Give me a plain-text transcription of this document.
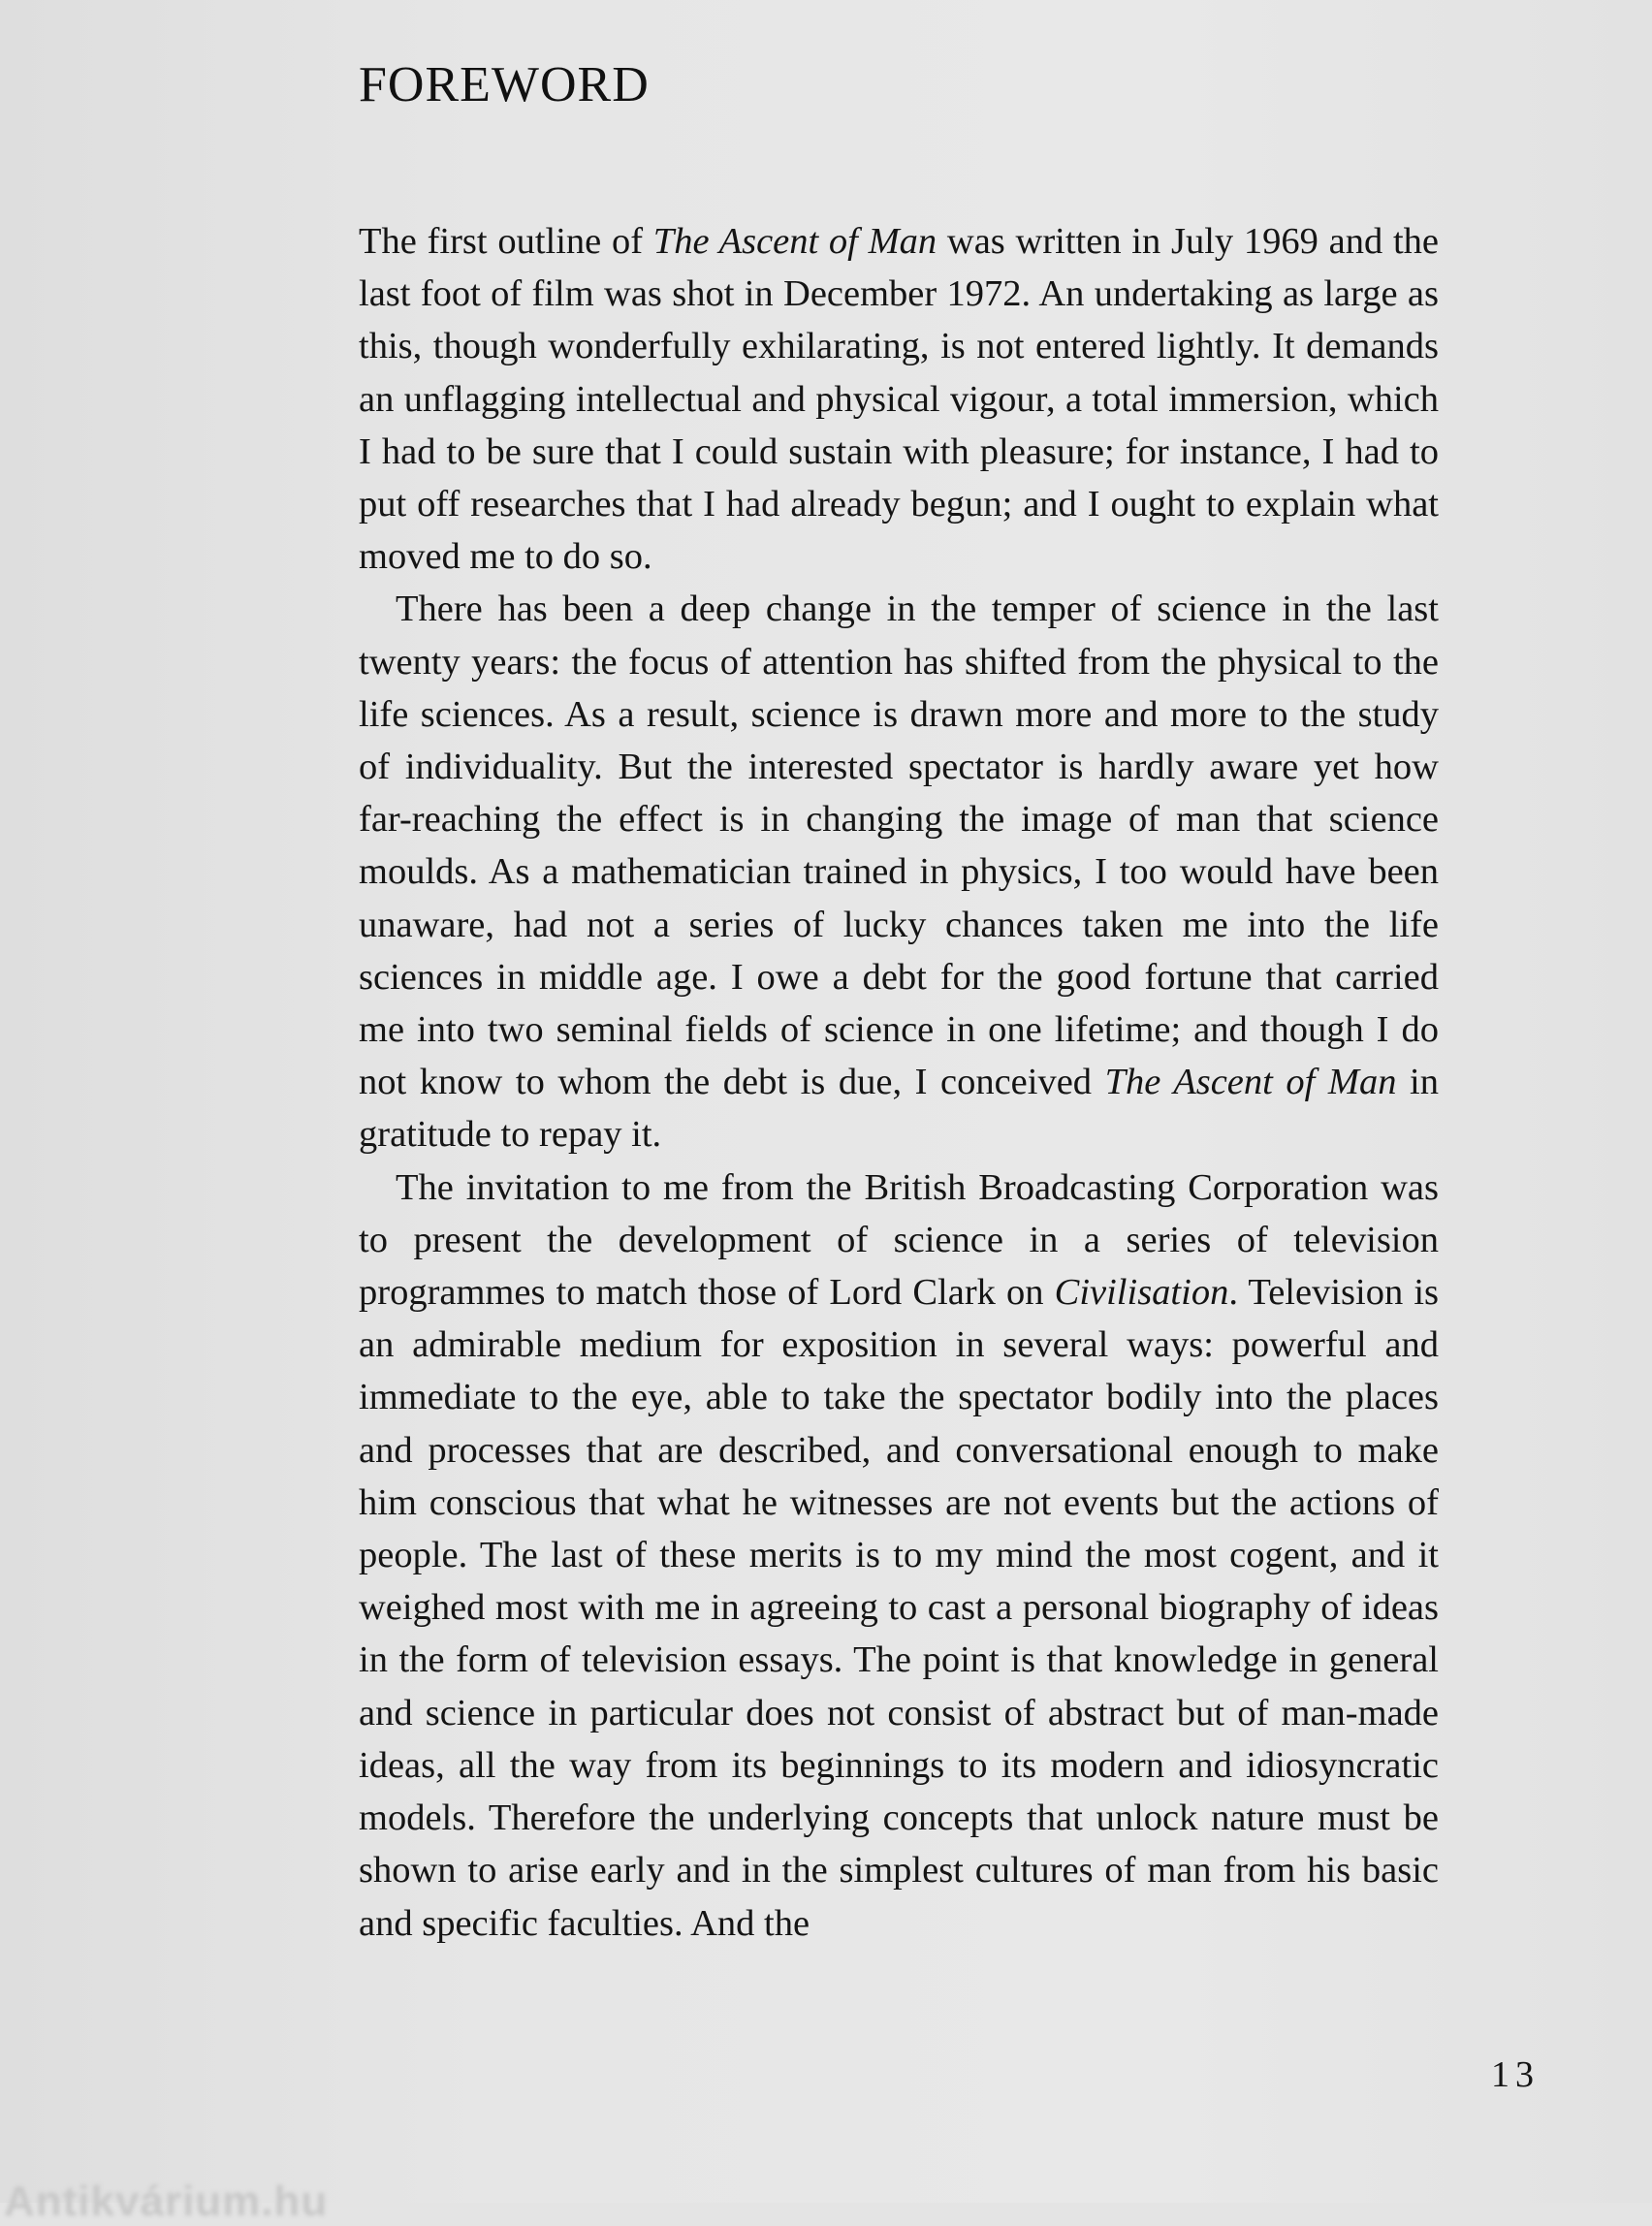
FOREWORD

The first outline of The Ascent of Man was written in July 1969 and the last foot of film was shot in December 1972. An undertaking as large as this, though wonderfully exhilarating, is not entered lightly. It demands an unflagging intellectual and physical vigour, a total immersion, which I had to be sure that I could sustain with pleasure; for instance, I had to put off researches that I had already begun; and I ought to explain what moved me to do so.

There has been a deep change in the temper of science in the last twenty years: the focus of attention has shifted from the physical to the life sciences. As a result, science is drawn more and more to the study of individuality. But the interested spectator is hardly aware yet how far-reaching the effect is in changing the image of man that science moulds. As a mathematician trained in physics, I too would have been unaware, had not a series of lucky chances taken me into the life sciences in middle age. I owe a debt for the good fortune that carried me into two seminal fields of science in one lifetime; and though I do not know to whom the debt is due, I conceived The Ascent of Man in gratitude to repay it.

The invitation to me from the British Broadcasting Corporation was to present the development of science in a series of television programmes to match those of Lord Clark on Civilisation. Television is an admirable medium for exposition in several ways: powerful and immediate to the eye, able to take the spectator bodily into the places and processes that are described, and conversational enough to make him conscious that what he witnesses are not events but the actions of people. The last of these merits is to my mind the most cogent, and it weighed most with me in agreeing to cast a personal biography of ideas in the form of television essays. The point is that knowledge in general and science in particular does not consist of abstract but of man-made ideas, all the way from its beginnings to its modern and idiosyncratic models. Therefore the underlying concepts that unlock nature must be shown to arise early and in the simplest cultures of man from his basic and specific faculties. And the

13
Antikvárium.hu
